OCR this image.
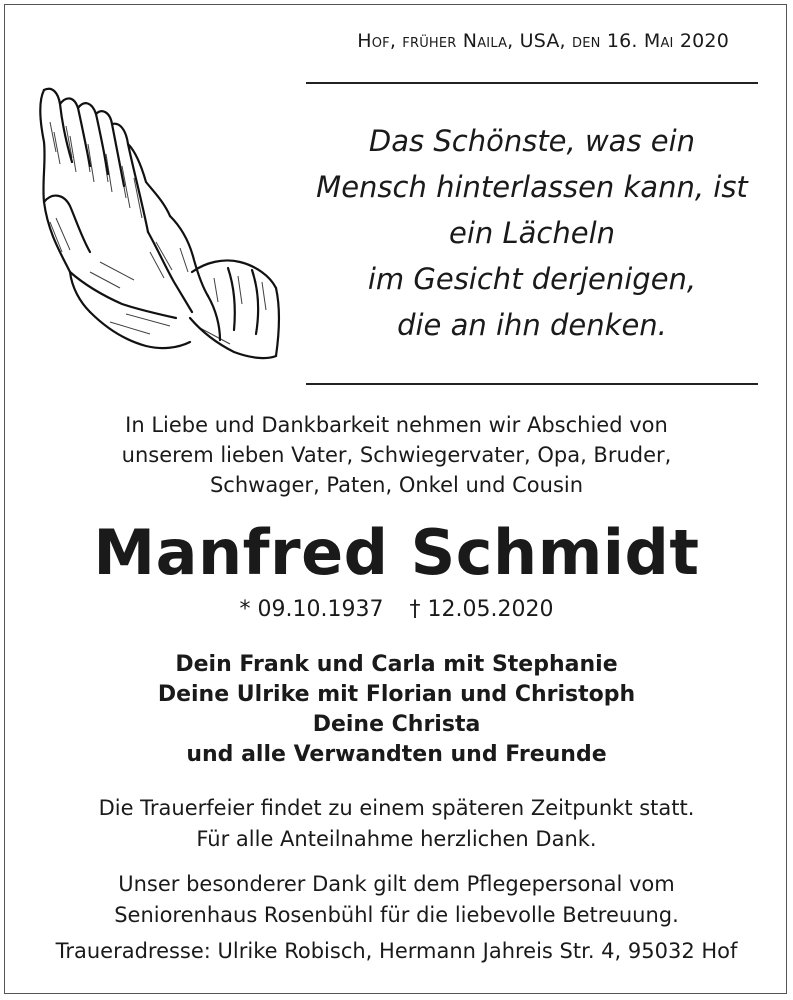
Hof, früher Naila, USA, den 16. Mai 2020
Das Schönste, was ein
Mensch hinterlassen kann, ist
ein Lächeln
im Gesicht derjenigen,
die an ihn denken.
In Liebe und Dankbarkeit nehmen wir Abschied von
unserem lieben Vater, Schwiegervater, Opa, Bruder,
Schwager, Paten, Onkel und Cousin
Manfred Schmidt
* 09.10.1937 † 12.05.2020
Dein Frank und Carla mit Stephanie
Deine Ulrike mit Florian und Christoph
Deine Christa
und alle Verwandten und Freunde
Die Trauerfeier findet zu einem späteren Zeitpunkt statt.
Für alle Anteilnahme herzlichen Dank.
Unser besonderer Dank gilt dem Pflegepersonal vom
Seniorenhaus Rosenbühl für die liebevolle Betreuung.
Traueradresse: Ulrike Robisch, Hermann Jahreis Str. 4, 95032 Hof
